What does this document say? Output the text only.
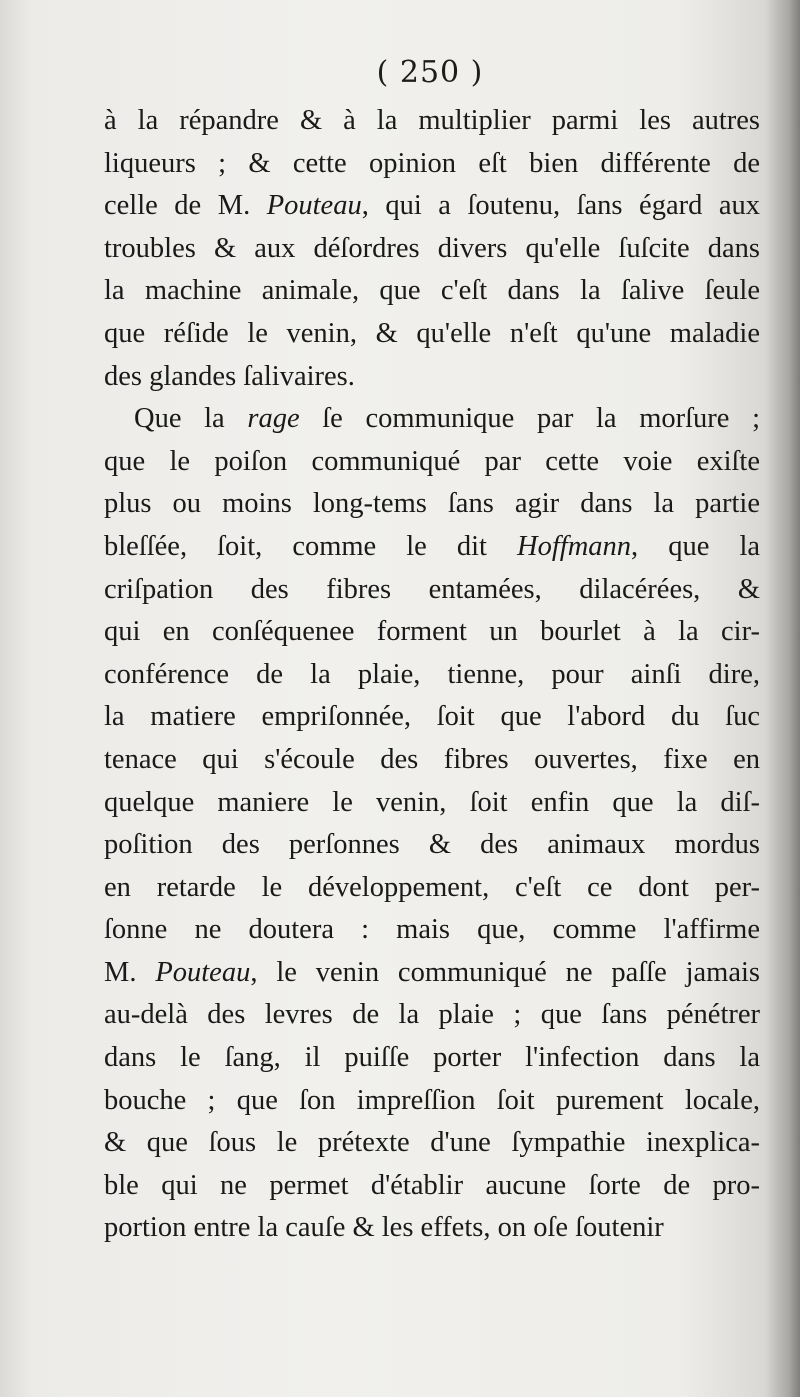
( 250 )
à la répandre & à la multiplier parmi les autres
liqueurs ; & cette opinion eſt bien différente de
celle de M. Pouteau, qui a ſoutenu, ſans égard aux
troubles & aux déſordres divers qu'elle ſuſcite dans
la machine animale, que c'eſt dans la ſalive ſeule
que réſide le venin, & qu'elle n'eſt qu'une maladie
des glandes ſalivaires.
Que la rage ſe communique par la morſure ;
que le poiſon communiqué par cette voie exiſte
plus ou moins long-tems ſans agir dans la partie
bleſſée, ſoit, comme le dit Hoffmann, que la
criſpation des fibres entamées, dilacérées, &
qui en conſéquenee forment un bourlet à la cir-
conférence de la plaie, tienne, pour ainſi dire,
la matiere empriſonnée, ſoit que l'abord du ſuc
tenace qui s'écoule des fibres ouvertes, fixe en
quelque maniere le venin, ſoit enfin que la diſ-
poſition des perſonnes & des animaux mordus
en retarde le développement, c'eſt ce dont per-
ſonne ne doutera : mais que, comme l'affirme
M. Pouteau, le venin communiqué ne paſſe jamais
au-delà des levres de la plaie ; que ſans pénétrer
dans le ſang, il puiſſe porter l'infection dans la
bouche ; que ſon impreſſion ſoit purement locale,
& que ſous le prétexte d'une ſympathie inexplica-
ble qui ne permet d'établir aucune ſorte de pro-
portion entre la cauſe & les effets, on oſe ſoutenir
